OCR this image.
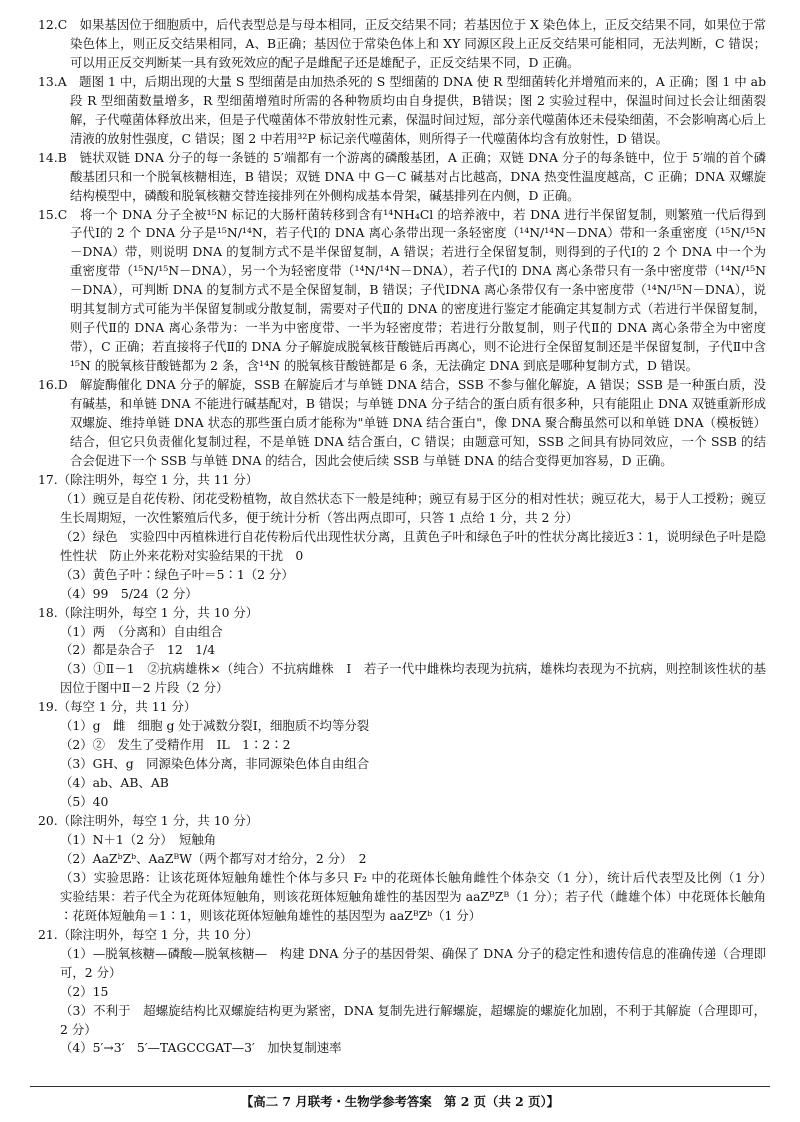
12.C　如果基因位于细胞质中，后代表型总是与母本相同，正反交结果不同；若基因位于 X 染色体上，正反交结果不同，如果位于常染色体上，则正反交结果相同，A、B正确；基因位于常染色体上和 XY 同源区段上正反交结果可能相同，无法判断，C 错误；可以用正反交判断某一具有致死效应的配子是雌配子还是雄配子，正反交结果不同，D 正确。

13.A　题图 1 中，后期出现的大量 S 型细菌是由加热杀死的 S 型细菌的 DNA 使 R 型细菌转化并增殖而来的，A 正确；图 1 中 ab 段 R 型细菌数量增多，R 型细菌增殖时所需的各种物质均由自身提供，B错误；图 2 实验过程中，保温时间过长会让细菌裂解，子代噬菌体释放出来，但是子代噬菌体不带放射性元素，保温时间过短，部分亲代噬菌体还未侵染细菌，不会影响离心后上清液的放射性强度，C 错误；图 2 中若用³²P 标记亲代噬菌体，则所得子一代噬菌体均含有放射性，D 错误。

14.B　链状双链 DNA 分子的每一条链的 5′端都有一个游离的磷酸基团，A 正确；双链 DNA 分子的每条链中，位于 5′端的首个磷酸基团只和一个脱氧核糖相连，B 错误；双链 DNA 中 G－C 碱基对占比越高，DNA 热变性温度越高，C 正确；DNA 双螺旋结构模型中，磷酸和脱氧核糖交替连接排列在外侧构成基本骨架，碱基排列在内侧，D 正确。

15.C　将一个 DNA 分子全被¹⁵N 标记的大肠杆菌转移到含有¹⁴NH₄Cl 的培养液中，若 DNA 进行半保留复制，则繁殖一代后得到子代Ⅰ的 2 个 DNA 分子是¹⁵N/¹⁴N，若子代Ⅰ的 DNA 离心条带出现一条轻密度（¹⁴N/¹⁴N－DNA）带和一条重密度（¹⁵N/¹⁵N－DNA）带，则说明 DNA 的复制方式不是半保留复制，A 错误；若进行全保留复制，则得到的子代Ⅰ的 2 个 DNA 中一个为重密度带（¹⁵N/¹⁵N－DNA），另一个为轻密度带（¹⁴N/¹⁴N－DNA），若子代Ⅰ的 DNA 离心条带只有一条中密度带（¹⁴N/¹⁵N－DNA），可判断 DNA 的复制方式不是全保留复制，B 错误；子代ⅠDNA 离心条带仅有一条中密度带（¹⁴N/¹⁵N－DNA），说明其复制方式可能为半保留复制或分散复制，需要对子代Ⅱ的 DNA 的密度进行鉴定才能确定其复制方式（若进行半保留复制，则子代Ⅱ的 DNA 离心条带为：一半为中密度带、一半为轻密度带；若进行分散复制，则子代Ⅱ的 DNA 离心条带全为中密度带），C 正确；若直接将子代Ⅱ的 DNA 分子解旋成脱氧核苷酸链后再离心，则不论进行全保留复制还是半保留复制，子代Ⅱ中含¹⁵N 的脱氧核苷酸链都为 2 条，含¹⁴N 的脱氧核苷酸链都是 6 条，无法确定 DNA 到底是哪种复制方式，D 错误。

16.D　解旋酶催化 DNA 分子的解旋，SSB 在解旋后才与单链 DNA 结合，SSB 不参与催化解旋，A 错误；SSB 是一种蛋白质，没有碱基，和单链 DNA 不能进行碱基配对，B 错误；与单链 DNA 分子结合的蛋白质有很多种，只有能阻止 DNA 双链重新形成双螺旋、维持单链 DNA 状态的那些蛋白质才能称为"单链 DNA 结合蛋白"，像 DNA 聚合酶虽然可以和单链 DNA（模板链）结合，但它只负责催化复制过程，不是单链 DNA 结合蛋白，C 错误；由题意可知，SSB 之间具有协同效应，一个 SSB 的结合会促进下一个 SSB 与单链 DNA 的结合，因此会使后续 SSB 与单链 DNA 的结合变得更加容易，D 正确。

17.（除注明外，每空 1 分，共 11 分）

（1）豌豆是自花传粉、闭花受粉植物，故自然状态下一般是纯种；豌豆有易于区分的相对性状；豌豆花大，易于人工授粉；豌豆生长周期短，一次性繁殖后代多，便于统计分析（答出两点即可，只答 1 点给 1 分，共 2 分）

（2）绿色　实验四中丙植株进行自花传粉后代出现性状分离，且黄色子叶和绿色子叶的性状分离比接近3∶1，说明绿色子叶是隐性性状　防止外来花粉对实验结果的干扰　0

（3）黄色子叶∶绿色子叶＝5∶1（2 分）

（4）99　5/24（2 分）

18.（除注明外，每空 1 分，共 10 分）

（1）两　（分离和）自由组合

（2）都是杂合子　12　1/4

（3）①Ⅱ－1　②抗病雄株×（纯合）不抗病雌株　Ⅰ　若子一代中雌株均表现为抗病，雄株均表现为不抗病，则控制该性状的基因位于图中Ⅱ－2 片段（2 分）

19.（每空 1 分，共 11 分）

（1）g　雌　细胞 g 处于减数分裂Ⅰ，细胞质不均等分裂

（2）②　发生了受精作用　IL　1∶2∶2

（3）GH、g　同源染色体分离，非同源染色体自由组合

（4）ab、AB、AB

（5）40

20.（除注明外，每空 1 分，共 10 分）

（1）N＋1（2 分）　短触角

（2）AaZᵇZᵇ、AaZᴮW（两个都写对才给分，2 分）　2

（3）实验思路：让该花斑体短触角雄性个体与多只 F₂ 中的花斑体长触角雌性个体杂交（1 分），统计后代表型及比例（1 分）　实验结果：若子代全为花斑体短触角，则该花斑体短触角雄性的基因型为 aaZᴮZᴮ（1 分）；若子代（雌雄个体）中花斑体长触角∶花斑体短触角＝1∶1，则该花斑体短触角雄性的基因型为 aaZᴮZᵇ（1 分）

21.（除注明外，每空 1 分，共 10 分）

（1）—脱氧核糖—磷酸—脱氧核糖—　构建 DNA 分子的基因骨架、确保了 DNA 分子的稳定性和遗传信息的准确传递（合理即可，2 分）

（2）15

（3）不利于　超螺旋结构比双螺旋结构更为紧密，DNA 复制先进行解螺旋，超螺旋的螺旋化加剧，不利于其解旋（合理即可，2 分）

（4）5′→3′　5′—TAGCCGAT—3′　加快复制速率

【高二 7 月联考・生物学参考答案　第 2 页（共 2 页）】
